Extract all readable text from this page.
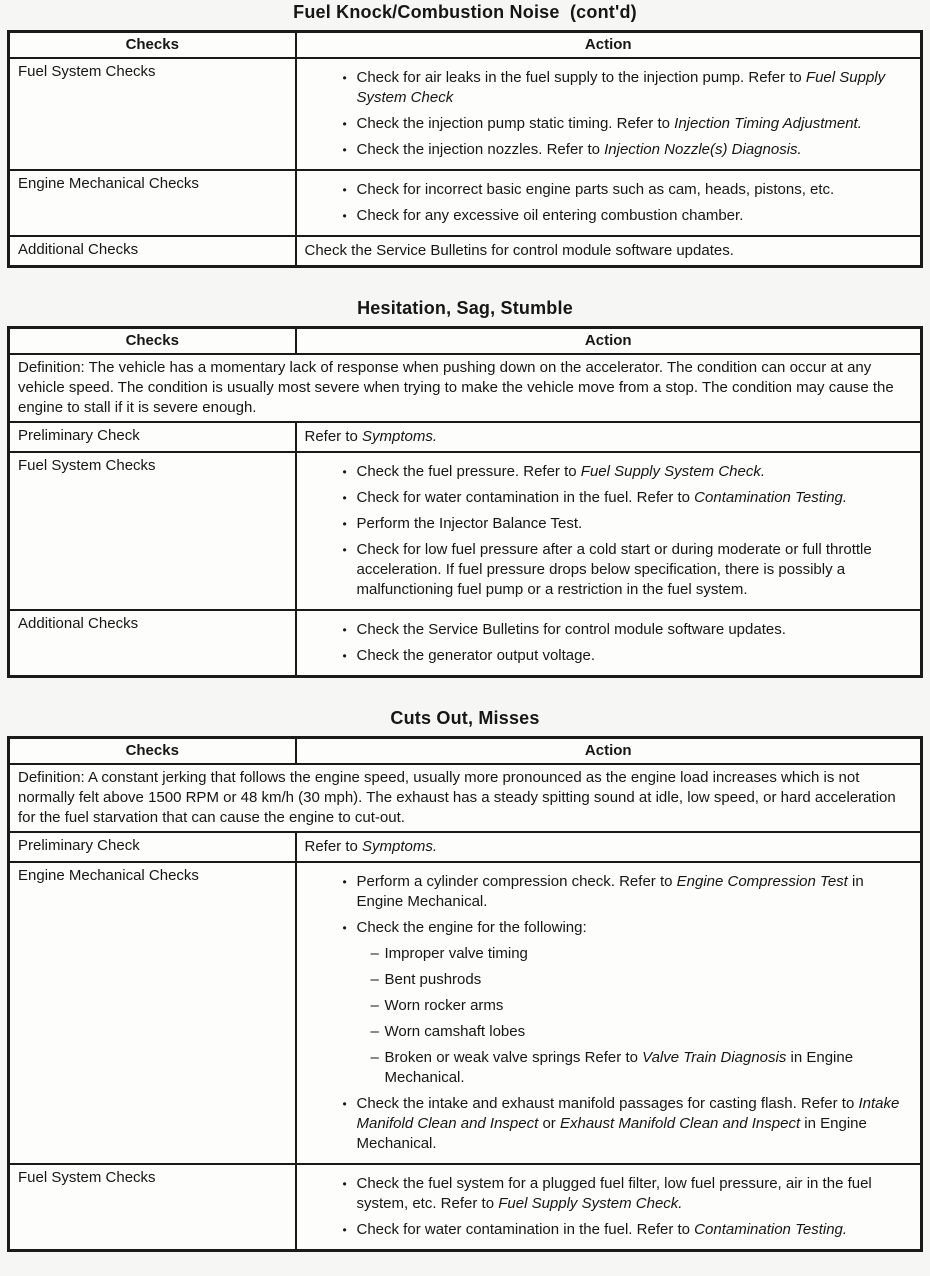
Fuel Knock/Combustion Noise  (cont'd)
Checks	Action
Fuel System Checks	• Check for air leaks in the fuel supply to the injection pump. Refer to Fuel Supply System Check
• Check the injection pump static timing. Refer to Injection Timing Adjustment.
• Check the injection nozzles. Refer to Injection Nozzle(s) Diagnosis.

Engine Mechanical Checks	• Check for incorrect basic engine parts such as cam, heads, pistons, etc.
• Check for any excessive oil entering combustion chamber.

Additional Checks	Check the Service Bulletins for control module software updates.
Hesitation, Sag, Stumble
Checks	Action
Definition: The vehicle has a momentary lack of response when pushing down on the accelerator. The condition can occur at any vehicle speed. The condition is usually most severe when trying to make the vehicle move from a stop. The condition may cause the engine to stall if it is severe enough.	
Preliminary Check	Refer to Symptoms.

Fuel System Checks	• Check the fuel pressure. Refer to Fuel Supply System Check.
• Check for water contamination in the fuel. Refer to Contamination Testing.
• Perform the Injector Balance Test.
• Check for low fuel pressure after a cold start or during moderate or full throttle acceleration. If fuel pressure drops below specification, there is possibly a malfunctioning fuel pump or a restriction in the fuel system.

Additional Checks	• Check the Service Bulletins for control module software updates.
• Check the generator output voltage.
Cuts Out, Misses
Checks	Action
Definition: A constant jerking that follows the engine speed, usually more pronounced as the engine load increases which is not normally felt above 1500 RPM or 48 km/h (30 mph). The exhaust has a steady spitting sound at idle, low speed, or hard acceleration for the fuel starvation that can cause the engine to cut-out.	
Preliminary Check	Refer to Symptoms.

Engine Mechanical Checks	• Perform a cylinder compression check. Refer to Engine Compression Test in Engine Mechanical.
• Check the engine for the following:
– Improper valve timing
– Bent pushrods
– Worn rocker arms
– Worn camshaft lobes
– Broken or weak valve springs Refer to Valve Train Diagnosis in Engine Mechanical.
• Check the intake and exhaust manifold passages for casting flash. Refer to Intake Manifold Clean and Inspect or Exhaust Manifold Clean and Inspect in Engine Mechanical.

Fuel System Checks	• Check the fuel system for a plugged fuel filter, low fuel pressure, air in the fuel system, etc. Refer to Fuel Supply System Check.
• Check for water contamination in the fuel. Refer to Contamination Testing.
